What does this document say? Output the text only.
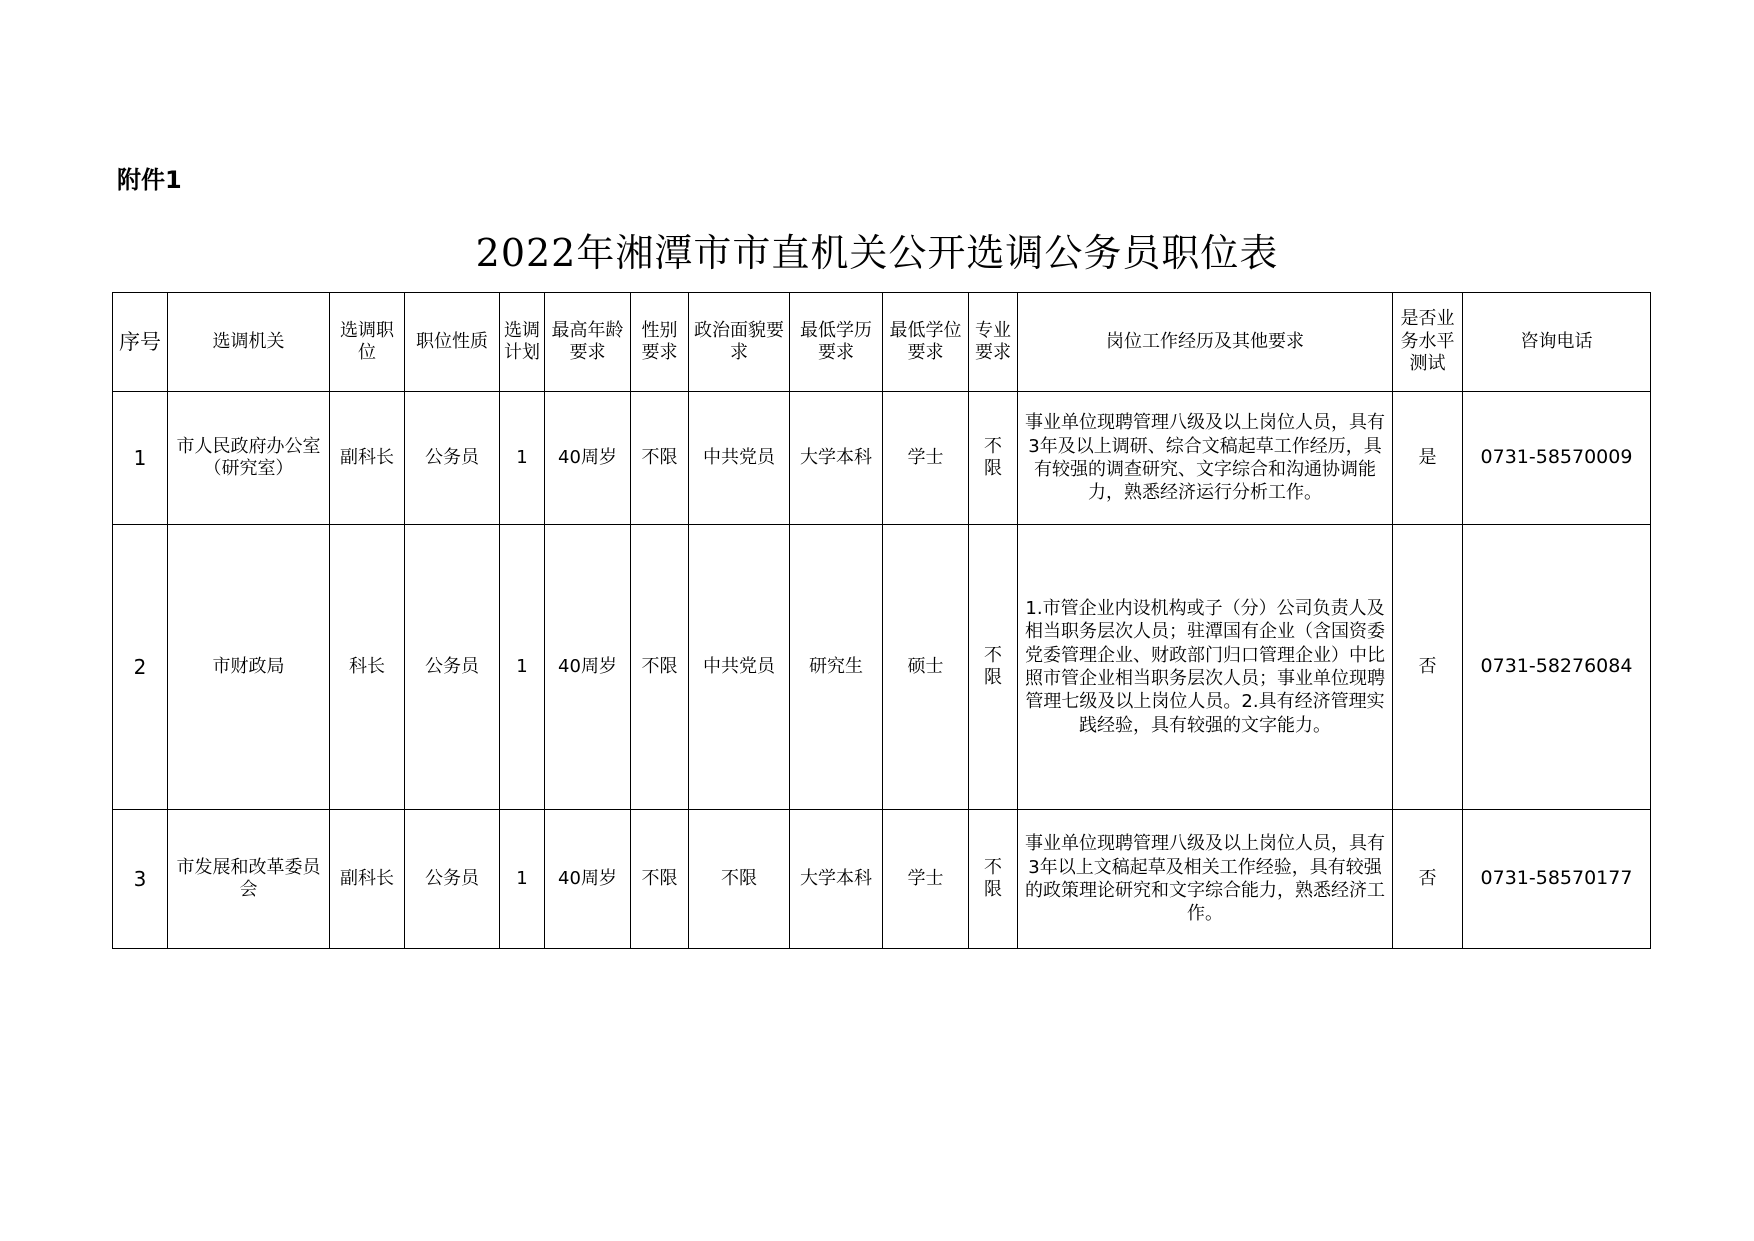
附件1
2022年湘潭市市直机关公开选调公务员职位表
序号	选调机关	选调职位	职位性质	选调计划	最高年龄要求	性别要求	政治面貌要求	最低学历要求	最低学位要求	专业要求	岗位工作经历及其他要求	是否业务水平测试	咨询电话
1	市人民政府办公室（研究室）	副科长	公务员	1	40周岁	不限	中共党员	大学本科	学士	不限	事业单位现聘管理八级及以上岗位人员，具有3年及以上调研、综合文稿起草工作经历，具有较强的调查研究、文字综合和沟通协调能力，熟悉经济运行分析工作。	是	0731-58570009
2	市财政局	科长	公务员	1	40周岁	不限	中共党员	研究生	硕士	不限	1.市管企业内设机构或子（分）公司负责人及相当职务层次人员；驻潭国有企业（含国资委党委管理企业、财政部门归口管理企业）中比照市管企业相当职务层次人员；事业单位现聘管理七级及以上岗位人员。2.具有经济管理实践经验，具有较强的文字能力。	否	0731-58276084
3	市发展和改革委员会	副科长	公务员	1	40周岁	不限	不限	大学本科	学士	不限	事业单位现聘管理八级及以上岗位人员，具有3年以上文稿起草及相关工作经验，具有较强的政策理论研究和文字综合能力，熟悉经济工作。	否	0731-58570177
